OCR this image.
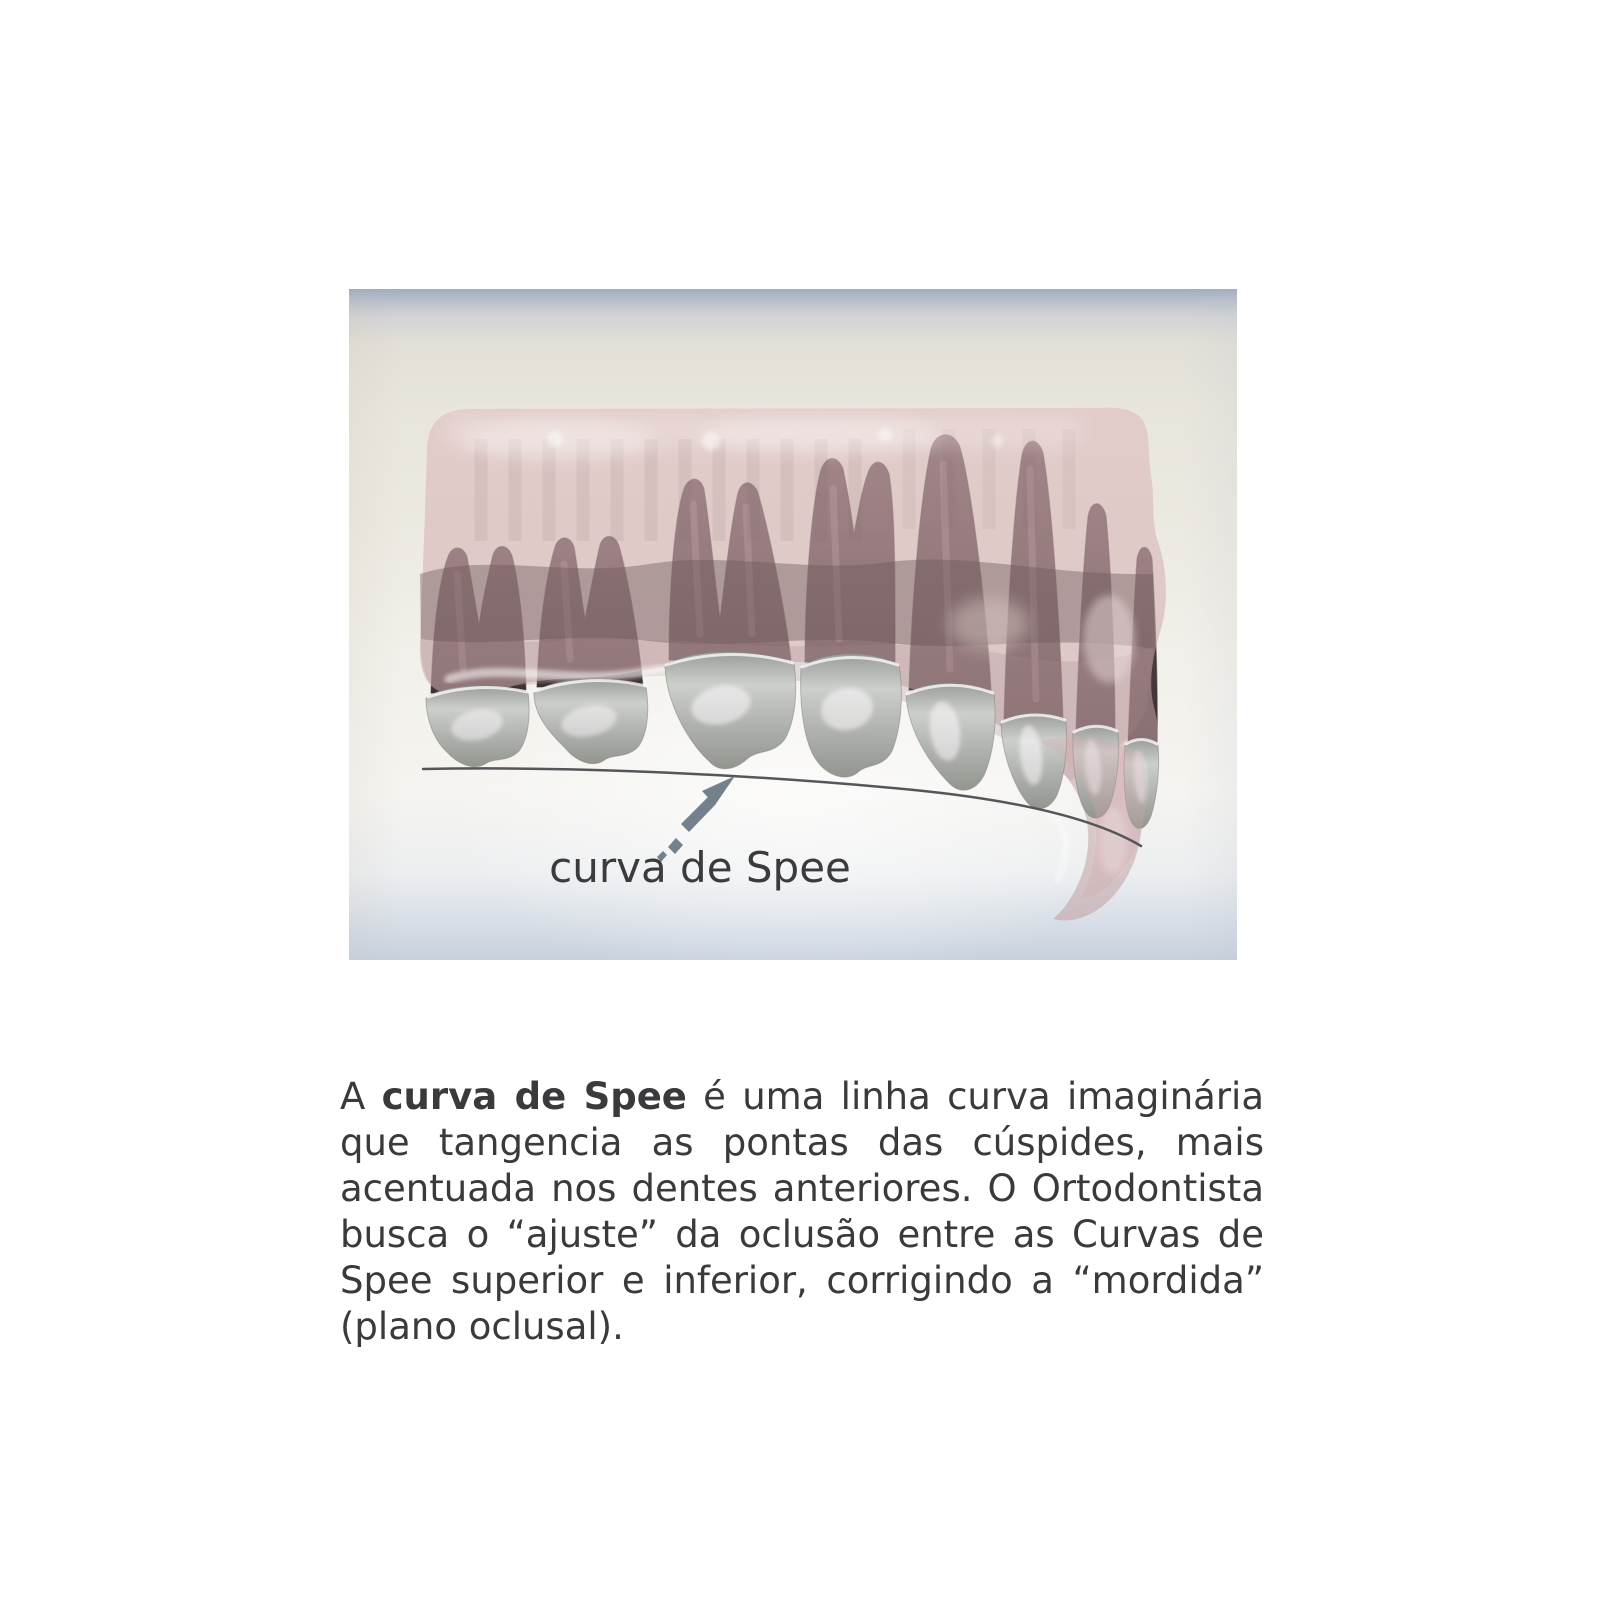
curva de Spee

A curva de Spee é uma linha curva imaginária que tangencia as pontas das cúspides, mais acentuada nos dentes anteriores. O Ortodontista busca o “ajuste” da oclusão entre as Curvas de Spee superior e inferior, corrigindo a “mordida” (plano oclusal).
